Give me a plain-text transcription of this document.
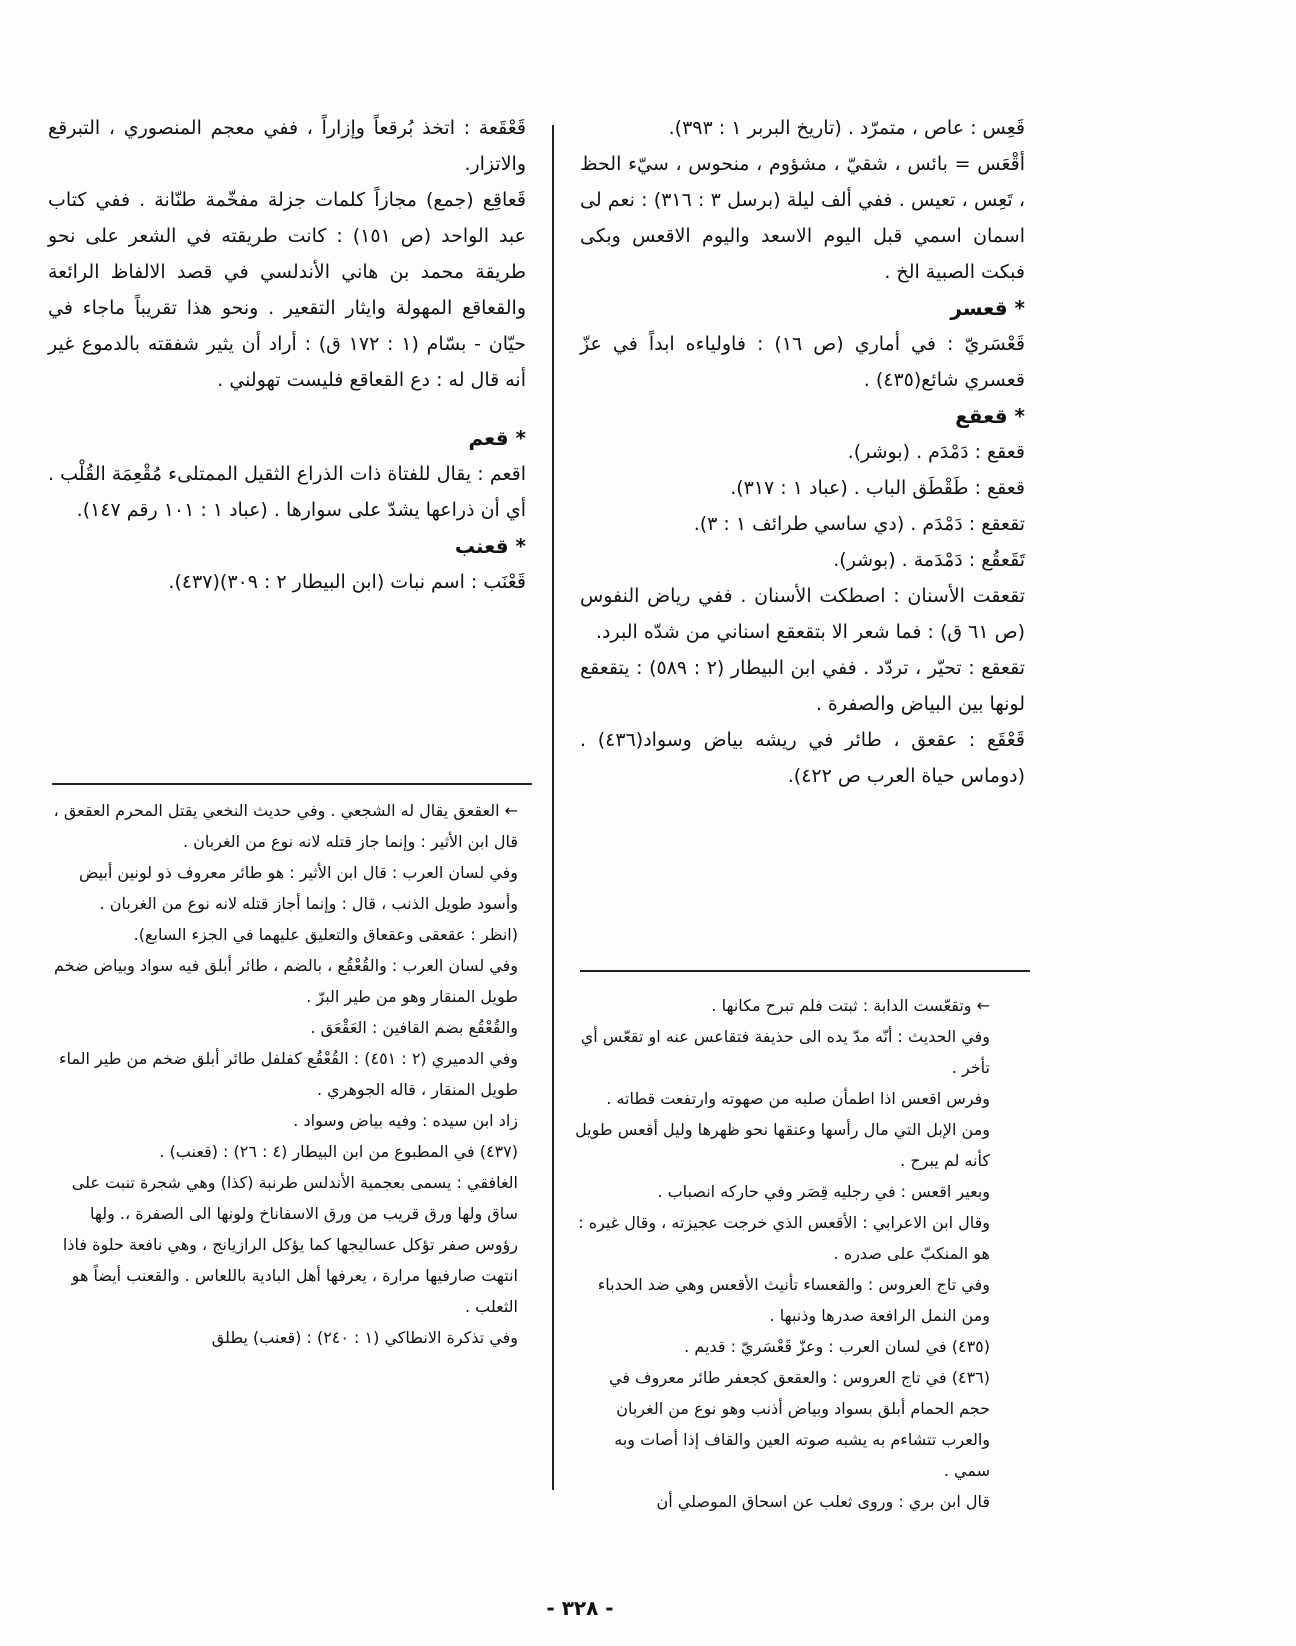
قَعِس : عاص ، متمرّد . (تاريخ البربر ١ : ٣٩٣).

أقْعَس = بائس ، شقيّ ، مشؤوم ، منحوس ، سيّء الحظ ، تَعِس ، تعيس . ففي ألف ليلة (برسل ٣ : ٣١٦) : نعم لى اسمان اسمي قبل اليوم الاسعد واليوم الاقعس وبكى فبكت الصبية الخ .

* قعسر

قَعْسَريّ : في أماري (ص ١٦) : فاولياءه ابداً في عزّ قعسري شائع(٤٣٥) .

* قعقع

قعقع : دَمْدَم . (بوشر).

قعقع : طَقْطَق الباب . (عباد ١ : ٣١٧).

تقعقع : دَمْدَم . (دي ساسي طرائف ١ : ٣).

تَقَعقُع : دَمْدَمة . (بوشر).

تقعقت الأسنان : اصطكت الأسنان . ففي رياض النفوس (ص ٦١ ق) : فما شعر الا بتقعقع اسناني من شدّه البرد.

تقعقع : تحيّر ، تردّد . ففي ابن البيطار (٢ : ٥٨٩) : يتقعقع لونها بين البياض والصفرة .

قَعْقَع : عقعق ، طائر في ريشه بياض وسواد(٤٣٦) . (دوماس حياة العرب ص ٤٢٢).

قَعْقَعة : اتخذ بُرقعاً وإزاراً ، ففي معجم المنصوري ، التبرقع والاتزار.

قَعاقِع (جمع) مجازاً كلمات جزلة مفخّمة طنّانة . ففي كتاب عبد الواحد (ص ١٥١) : كانت طريقته في الشعر على نحو طريقة محمد بن هاني الأندلسي في قصد الالفاظ الرائعة والقعاقع المهولة وايثار التقعير . ونحو هذا تقريباً ماجاء في حيّان - بسّام (١ : ١٧٢ ق) : أراد أن يثير شفقته بالدموع غير أنه قال له : دع القعاقع فليست تهولني .

* قعم

اقعم : يقال للفتاة ذات الذراع الثقيل الممتلىء مُقْعِمَة القُلْب . أي أن ذراعها يشدّ على سوارها . (عباد ١ : ١٠١ رقم ١٤٧).

* قعنب

قَعْنَب : اسم نبات (ابن البيطار ٢ : ٣٠٩)(٤٣٧).

← وتقعّست الدابة : ثبتت فلم تبرح مكانها .

وفي الحديث : أنّه مدّ يده الى حذيفة فتقاعس عنه او تقعّس أي تأخر .

وفرس اقعس اذا اطمأن صلبه من صهوته وارتفعت قطاته . ومن الإبل التي مال رأسها وعنقها نحو ظهرها وليل أقعس طويل كأنه لم يبرح .

وبعير اقعس : في رجليه قِصَر وفي حاركه انصباب .

وقال ابن الاعرابي : الأقعس الذي خرجت عجيزته ، وقال غيره : هو المنكبّ على صدره .

وفي تاج العروس : والقعساء تأنيث الأقعس وهي ضد الحدباء ومن النمل الرافعة صدرها وذنبها .

(٤٣٥) في لسان العرب : وعزّ قَعْسَريّ : قديم .

(٤٣٦) في تاج العروس : والعقعق كجعفر طائر معروف في حجم الحمام أبلق بسواد وبياض أذنب وهو نوع من الغربان والعرب تتشاءم به يشبه صوته العين والقاف إذا أصات وبه سمي .

قال ابن بري : وروى ثعلب عن اسحاق الموصلي أن

← العقعق يقال له الشجعي . وفي حديث النخعي يقتل المحرم العقعق ، قال ابن الأثير : وإنما جاز قتله لانه نوع من الغربان .

وفي لسان العرب : قال ابن الأثير : هو طائر معروف ذو لونين أبيض وأسود طويل الذنب ، قال : وإنما أجاز قتله لانه نوع من الغربان .

(انظر : عقعقى وعقعاق والتعليق عليهما في الجزء السابع).

وفي لسان العرب : والقُعْقُع ، بالضم ، طائر أبلق فيه سواد وبياض ضخم طويل المنقار وهو من طير البرّ .

والقُعْقُع بضم القافين : العَقْعَق .

وفي الدميري (٢ : ٤٥١) : القُعْقُع كفلفل طائر أبلق ضخم من طير الماء طويل المنقار ، قاله الجوهري .

زاد ابن سيده : وفيه بياض وسواد .

(٤٣٧) في المطبوع من ابن البيطار (٤ : ٢٦) : (قعنب) .

الغافقي : يسمى بعجمية الأندلس طرنبة (كذا) وهي شجرة تنبت على ساق ولها ورق قريب من ورق الاسفاناخ ولونها الى الصفرة ،. ولها رؤوس صفر تؤكل عساليجها كما يؤكل الرازيانج ، وهي نافعة حلوة فاذا انتهت صارفيها مرارة ، يعرفها أهل البادية باللعاس . والقعنب أيضاً هو الثعلب .

وفي تذكرة الانطاكي (١ : ٢٤٠) : (قعنب) يطلق

- ٣٢٨ -
